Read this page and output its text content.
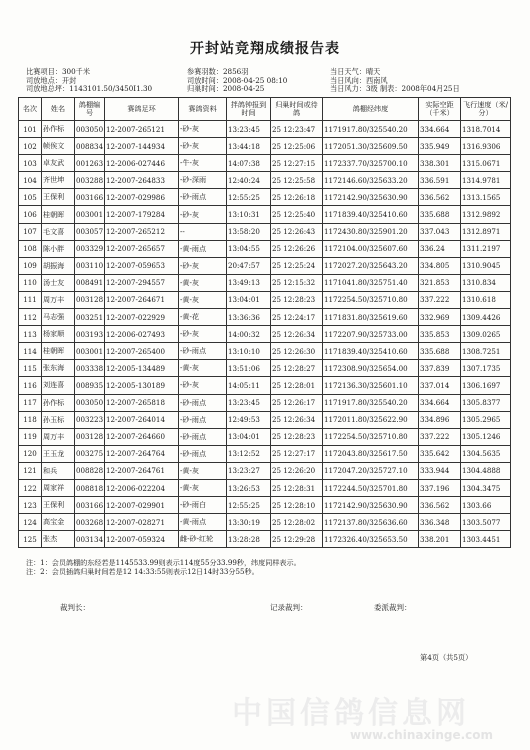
开封站竞翔成绩报告表
比赛项目：300千米
司放地点：开封
司放地总坪：1143101.50/3450I1.30
参赛羽数：2856羽
司放时间：2008-04-25 08:10
归巢时间：2008-04-25
当日天气：晴天
当日风向：西南风
当日风力：3级 制表：2008年04月25日
名次	姓名	鸽棚编号	赛鸽足环	赛鸽资料	拌鸽钟报到时间	归巢时间或待鸽	鸽棚经纬度	实际空距（千米）	飞行速度（米/分）
101	孙作标	003050	12-2007-265121	-砂-灰	13:23:45	25 12:23:47	1171917.80/325540.20	334.664	1318.7014
102	帧俟文	008834	12-2007-144934	-砂-灰	13:44:18	25 12:25:06	1172051.30/325609.50	335.949	1316.9306
103	卓友武	001263	12-2006-027446	-牛-灰	14:07:38	25 12:27:15	1172337.70/325700.10	338.301	1315.0671
104	齐世坤	003288	12-2007-264833	-砂-深雨	12:40:24	25 12:25:58	1172146.60/325633.20	336.591	1314.9781
105	王保利	003166	12-2007-029986	-砂-雨点	12:55:25	25 12:26:18	1172142.90/325630.90	336.562	1313.1565
106	桂朝晖	003001	12-2007-179284	-砂-灰	13:10:31	25 12:25:40	1171839.40/325410.60	335.688	1312.9892
107	毛文喜	003057	12-2007-265212	--	13:58:20	25 12:26:43	1172430.80/325901.20	337.043	1312.8971
108	陈小胖	003329	12-2007-265657	-黄-雨点	13:04:55	25 12:26:26	1172104.00/325607.60	336.24	1311.2197
109	胡振海	003110	12-2007-059653	-砂-灰	20:47:57	25 12:25:24	1172027.20/325643.20	334.805	1310.9045
110	汤士友	008491	12-2007-294557	-黄-灰	13:49:13	25 12:15:32	1171041.80/325751.40	321.853	1310.834
111	周万丰	003128	12-2007-264671	-黄-灰	13:04:01	25 12:28:23	1172254.50/325710.80	337.222	1310.618
112	马志强	003251	12-2007-022929	-黄-花	13:36:36	25 12:24:17	1171831.80/325619.60	332.969	1309.4426
113	杨家顺	003193	12-2006-027493	-砂-灰	14:00:32	25 12:26:34	1172207.90/325733.00	335.853	1309.0265
114	桂朝晖	003001	12-2007-265400	-砂-雨点	13:10:10	25 12:26:30	1171839.40/325410.60	335.688	1308.7251
115	张东海	003338	12-2005-134489	-黄-灰	13:51:06	25 12:28:27	1172308.90/325654.00	337.839	1307.1735
116	刘连喜	008935	12-2005-130189	-砂-灰	14:05:11	25 12:28:01	1172136.30/325601.10	337.014	1306.1697
117	孙作标	003050	12-2007-265818	-砂-雨点	13:23:45	25 12:26:17	1171917.80/325540.20	334.664	1305.8377
118	孙玉标	003223	12-2007-264014	-砂-雨点	12:49:53	25 12:26:34	1172011.80/325622.90	334.896	1305.2965
119	周万丰	003128	12-2007-264660	-砂-雨点	13:04:01	25 12:28:23	1172254.50/325710.80	337.222	1305.1246
120	王玉龙	003275	12-2007-264764	-砂-雨点	13:12:52	25 12:27:17	1172043.80/325617.50	335.642	1304.5635
121	和兵	008828	12-2007-264761	-黄-灰	13:23:27	25 12:26:20	1172047.20/325727.10	333.944	1304.4888
122	周家祥	008818	12-2006-022204	-黄-灰	13:26:53	25 12:28:31	1172244.50/325701.80	337.196	1304.3475
123	王保利	003166	12-2007-029901	-砂-雨白	12:55:25	25 12:28:10	1172142.90/325630.90	336.562	1303.66
124	高宝金	003268	12-2007-028271	-黄-雨点	13:30:19	25 12:28:02	1172137.80/325636.60	336.348	1303.5077
125	张杰	003134	12-2007-059324	雌-砂-红轮	13:28:28	25 12:29:28	1172326.40/325653.50	338.201	1303.4451
注：1：会员鸽棚的东经若是1145533.99则表示114度55分33.99秒，纬度同样表示。
注：2：会员插鸽归巢时间若是12 14:33:55则表示12日14时33分55秒。
裁判长：	记录裁判：	委派裁判：
第4页（共5页）
中国信鸽信息网
www.chinaxinge.com
